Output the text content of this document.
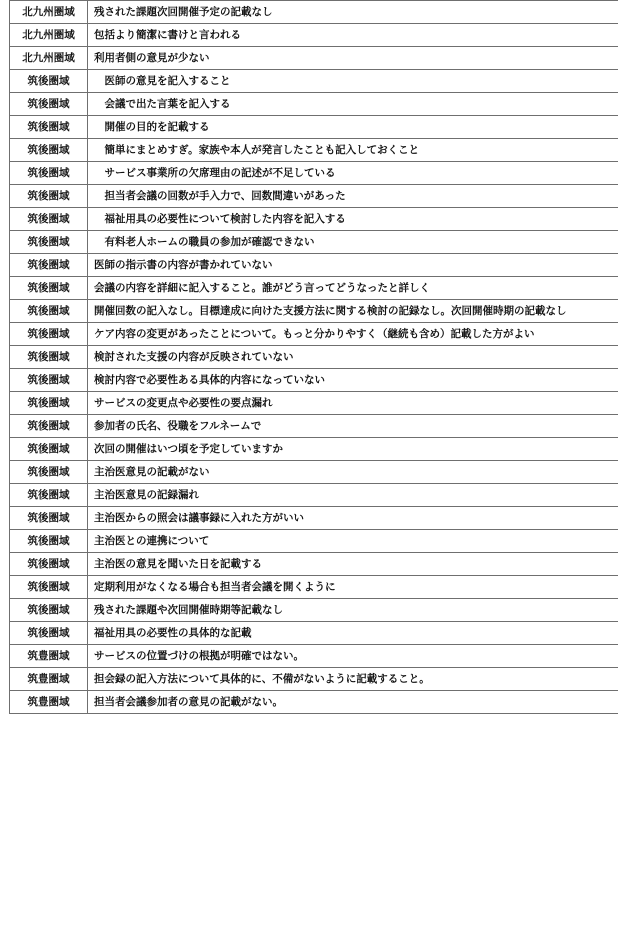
北九州圏域	残された課題次回開催予定の記載なし
北九州圏域	包括より簡潔に書けと言われる
北九州圏域	利用者側の意見が少ない
筑後圏域	　医師の意見を記入すること
筑後圏域	　会議で出た言葉を記入する
筑後圏域	　開催の目的を記載する
筑後圏域	　簡単にまとめすぎ。家族や本人が発言したことも記入しておくこと
筑後圏域	　サービス事業所の欠席理由の記述が不足している
筑後圏域	　担当者会議の回数が手入力で、回数間違いがあった
筑後圏域	　福祉用具の必要性について検討した内容を記入する
筑後圏域	　有料老人ホームの職員の参加が確認できない
筑後圏域	医師の指示書の内容が書かれていない
筑後圏域	会議の内容を詳細に記入すること。誰がどう言ってどうなったと詳しく
筑後圏域	開催回数の記入なし。目標達成に向けた支援方法に関する検討の記録なし。次回開催時期の記載なし
筑後圏域	ケア内容の変更があったことについて。もっと分かりやすく（継続も含め）記載した方がよい
筑後圏域	検討された支援の内容が反映されていない
筑後圏域	検討内容で必要性ある具体的内容になっていない
筑後圏域	サービスの変更点や必要性の要点漏れ
筑後圏域	参加者の氏名、役職をフルネームで
筑後圏域	次回の開催はいつ頃を予定していますか
筑後圏域	主治医意見の記載がない
筑後圏域	主治医意見の記録漏れ
筑後圏域	主治医からの照会は議事録に入れた方がいい
筑後圏域	主治医との連携について
筑後圏域	主治医の意見を聞いた日を記載する
筑後圏域	定期利用がなくなる場合も担当者会議を開くように
筑後圏域	残された課題や次回開催時期等記載なし
筑後圏域	福祉用具の必要性の具体的な記載
筑豊圏域	サービスの位置づけの根拠が明確ではない。
筑豊圏域	担会録の記入方法について具体的に、不備がないように記載すること。
筑豊圏域	担当者会議参加者の意見の記載がない。
